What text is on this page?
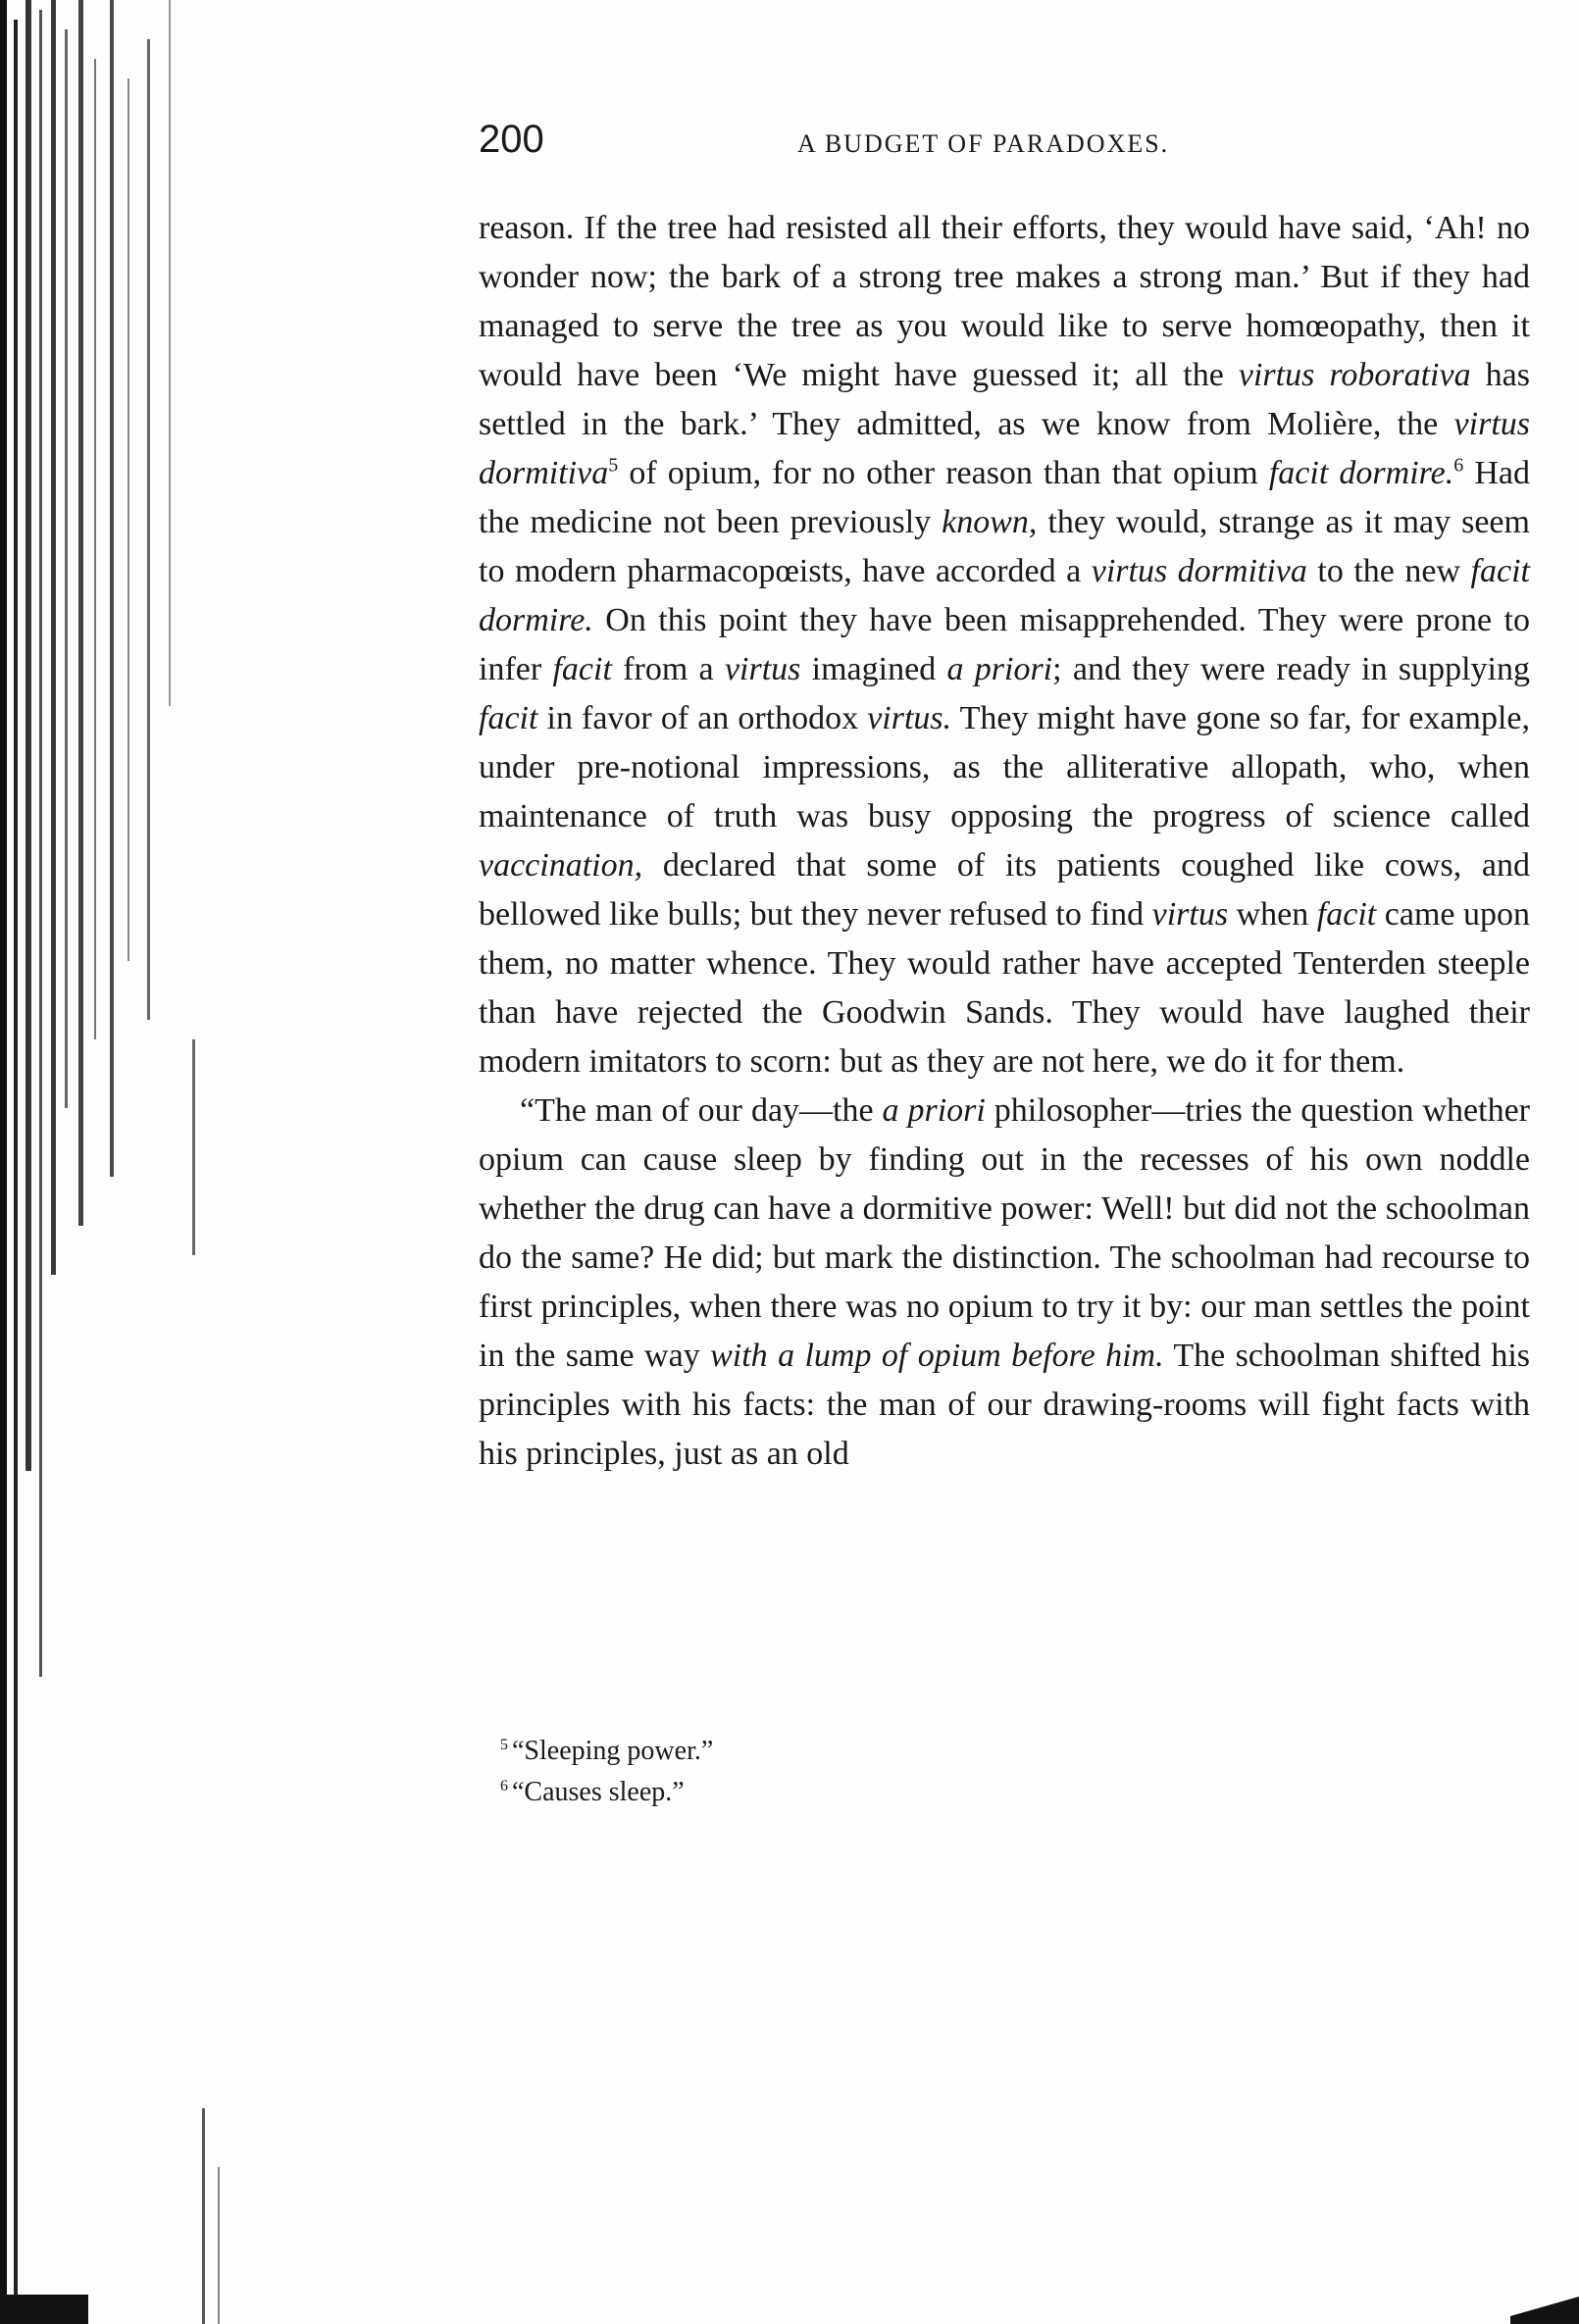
200	A BUDGET OF PARADOXES.

reason. If the tree had resisted all their efforts, they would have said, ‘Ah! no wonder now; the bark of a strong tree makes a strong man.’ But if they had managed to serve the tree as you would like to serve homœopathy, then it would have been ‘We might have guessed it; all the virtus roborativa has settled in the bark.’ They admitted, as we know from Molière, the virtus dormitiva$^5$ of opium, for no other reason than that opium facit dormire.$^6$ Had the medicine not been previously known, they would, strange as it may seem to modern pharmacopœists, have accorded a virtus dormitiva to the new facit dormire. On this point they have been misapprehended. They were prone to infer facit from a virtus imagined a priori; and they were ready in supplying facit in favor of an orthodox virtus. They might have gone so far, for example, under pre-notional impressions, as the alliterative allopath, who, when maintenance of truth was busy opposing the progress of science called vaccination, declared that some of its patients coughed like cows, and bellowed like bulls; but they never refused to find virtus when facit came upon them, no matter whence. They would rather have accepted Tenterden steeple than have rejected the Goodwin Sands. They would have laughed their modern imitators to scorn: but as they are not here, we do it for them.

“The man of our day—the a priori philosopher—tries the question whether opium can cause sleep by finding out in the recesses of his own noddle whether the drug can have a dormitive power: Well! but did not the schoolman do the same? He did; but mark the distinction. The schoolman had recourse to first principles, when there was no opium to try it by: our man settles the point in the same way with a lump of opium before him. The schoolman shifted his principles with his facts: the man of our drawing-rooms will fight facts with his principles, just as an old

$^5$ “Sleeping power.”
$^6$ “Causes sleep.”
